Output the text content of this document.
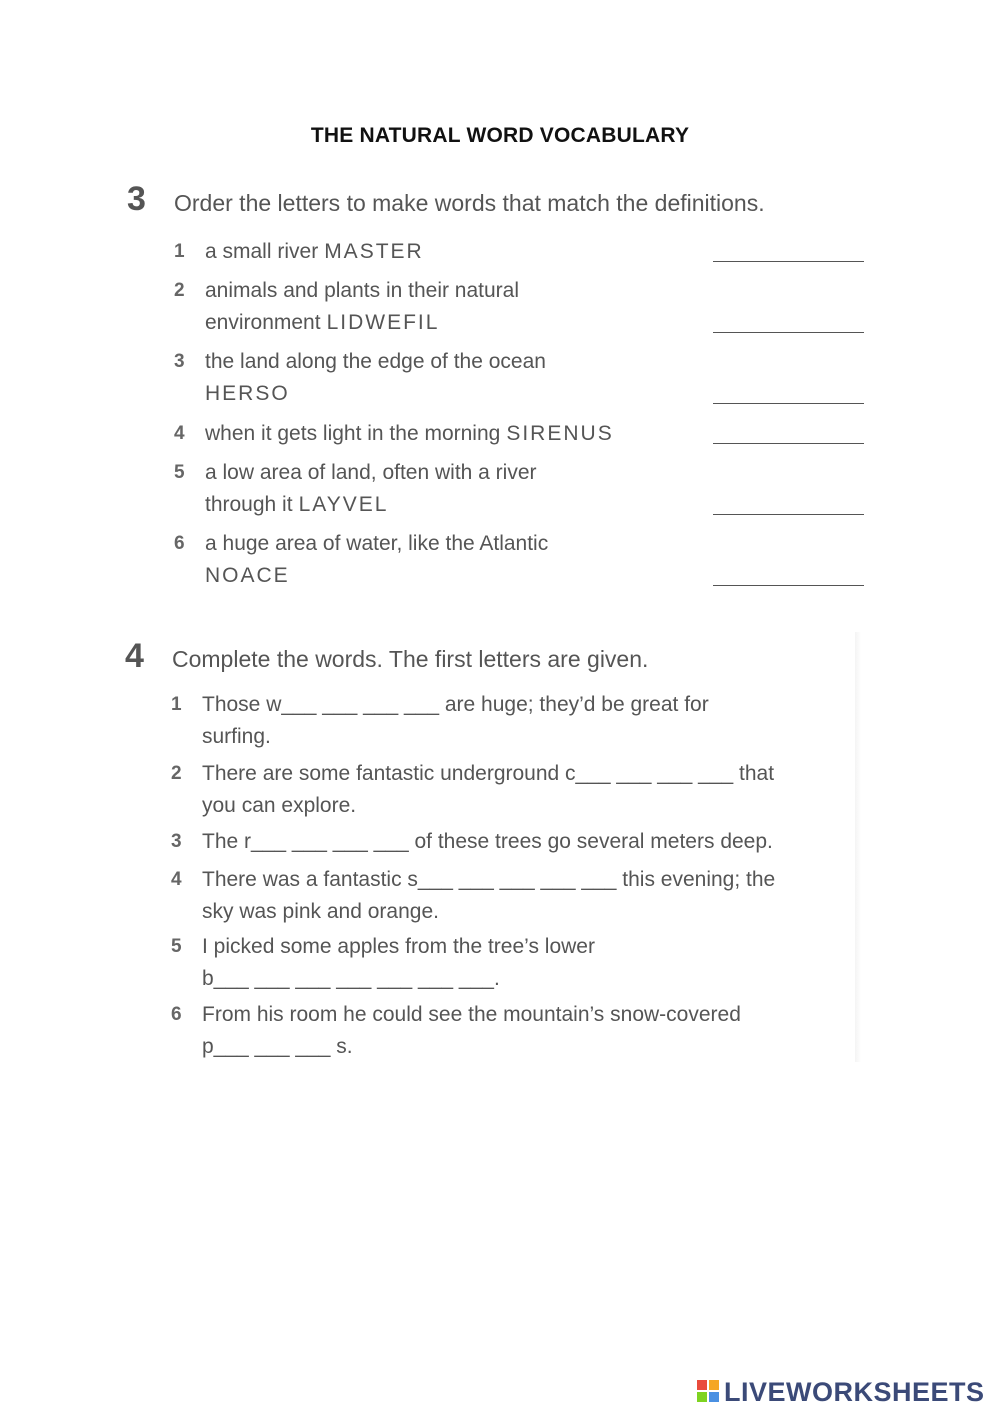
THE NATURAL WORD VOCABULARY
3 Order the letters to make words that match the definitions.
1 a small river MASTER
2 animals and plants in their natural
environment LIDWEFIL
3 the land along the edge of the ocean
HERSO
4 when it gets light in the morning SIRENUS
5 a low area of land, often with a river
through it LAYVEL
6 a huge area of water, like the Atlantic
NOACE
4 Complete the words. The first letters are given.
1 Those w___ ___ ___ ___ are huge; they’d be great for
surfing.
2 There are some fantastic underground c___ ___ ___ ___ that
you can explore.
3 The r___ ___ ___ ___ of these trees go several meters deep.
4 There was a fantastic s___ ___ ___ ___ ___ this evening; the
sky was pink and orange.
5 I picked some apples from the tree’s lower
b___ ___ ___ ___ ___ ___ ___.
6 From his room he could see the mountain’s snow-covered
p___ ___ ___ s.
LIVEWORKSHEETS
